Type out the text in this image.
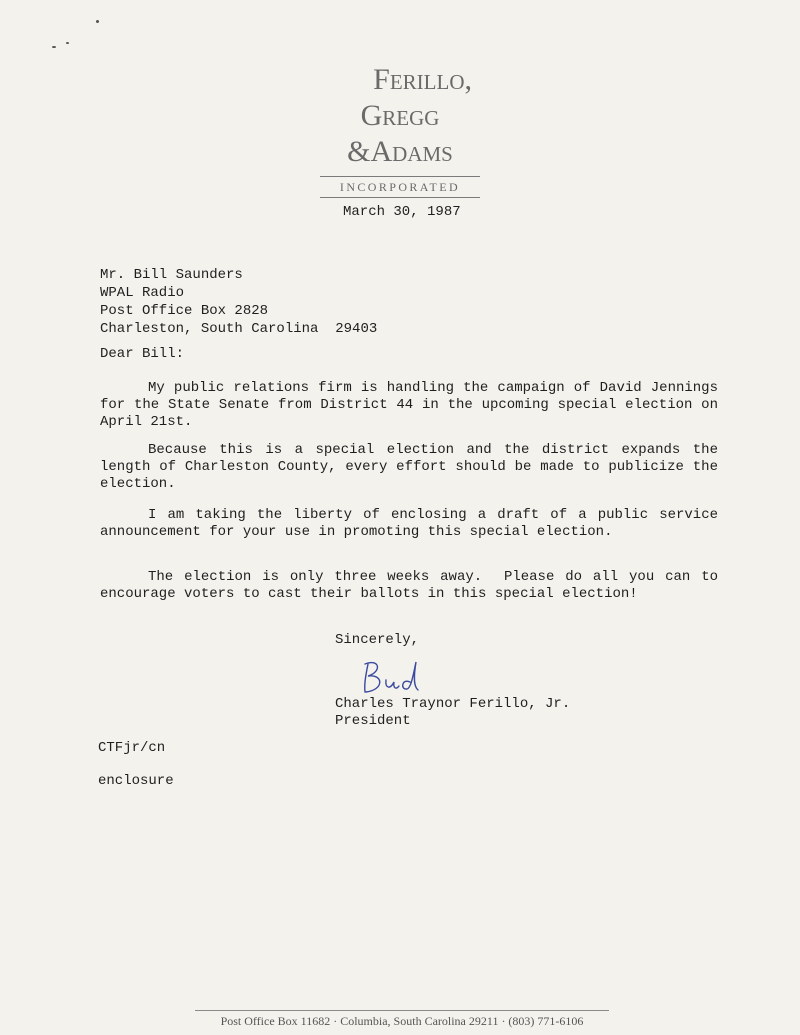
Ferillo,
Gregg
&Adams
INCORPORATED
March 30, 1987
Mr. Bill Saunders
WPAL Radio
Post Office Box 2828
Charleston, South Carolina  29403
Dear Bill:

My public relations firm is handling the campaign of David Jennings for the State Senate from District 44 in the upcoming special election on April 21st.

Because this is a special election and the district expands the length of Charleston County, every effort should be made to publicize the election.

I am taking the liberty of enclosing a draft of a public service announcement for your use in promoting this special election.

The election is only three weeks away.  Please do all you can to encourage voters to cast their ballots in this special election!

Sincerely,
Charles Traynor Ferillo, Jr.
President
CTFjr/cn
enclosure
Post Office Box 11682 · Columbia, South Carolina 29211 · (803) 771-6106
